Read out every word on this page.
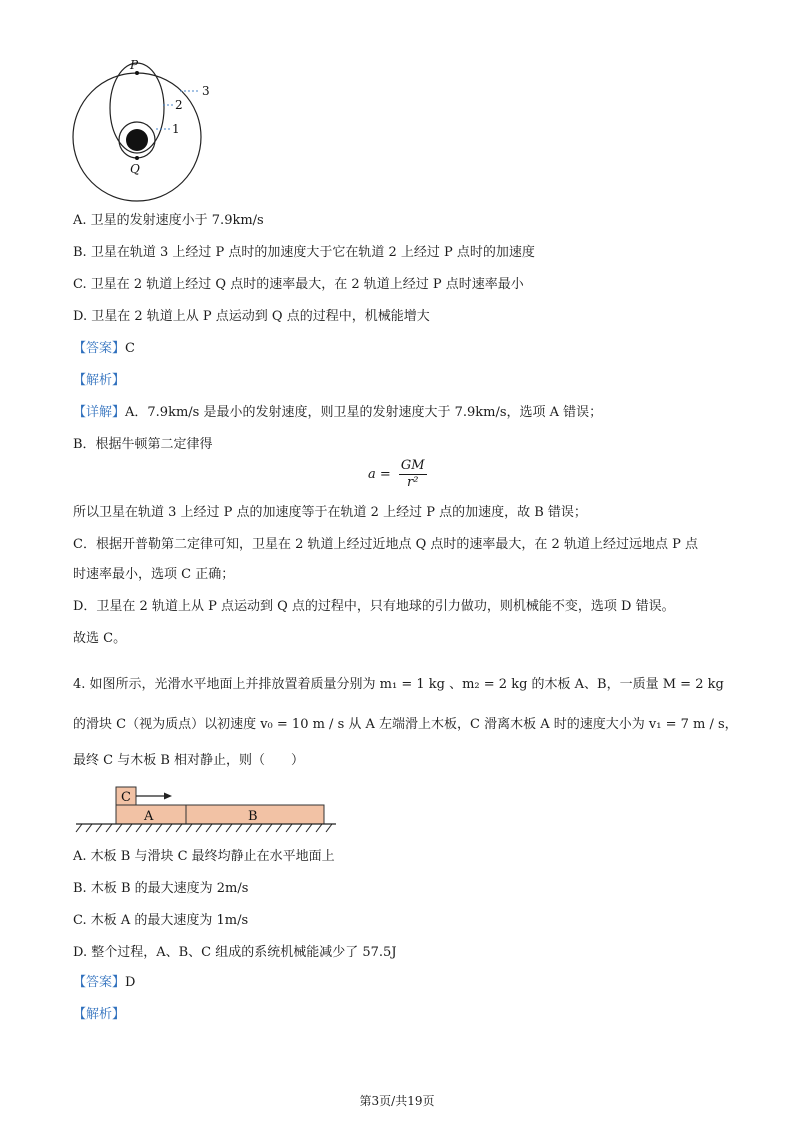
P
Q
3
2
1
A. 卫星的发射速度小于 7.9km/s
B. 卫星在轨道 3 上经过 P 点时的加速度大于它在轨道 2 上经过 P 点时的加速度
C. 卫星在 2 轨道上经过 Q 点时的速率最大，在 2 轨道上经过 P 点时速率最小
D. 卫星在 2 轨道上从 P 点运动到 Q 点的过程中，机械能增大
【答案】C
【解析】
【详解】A．7.9km/s 是最小的发射速度，则卫星的发射速度大于 7.9km/s，选项 A 错误；
B．根据牛顿第二定律得
$a = \frac{GM}{\text{r²}}$
所以卫星在轨道 3 上经过 P 点的加速度等于在轨道 2 上经过 P 点的加速度，故 B 错误；
C．根据开普勒第二定律可知，卫星在 2 轨道上经过近地点 Q 点时的速率最大，在 2 轨道上经过远地点 P 点
时速率最小，选项 C 正确；
D．卫星在 2 轨道上从 P 点运动到 Q 点的过程中，只有地球的引力做功，则机械能不变，选项 D 错误。
故选 C。
4. 如图所示，光滑水平地面上并排放置着质量分别为 m₁ = 1 kg 、m₂ = 2 kg 的木板 A、B，一质量 M = 2 kg
的滑块 C（视为质点）以初速度 v₀ = 10 m / s 从 A 左端滑上木板，C 滑离木板 A 时的速度大小为 v₁ = 7 m / s，
最终 C 与木板 B 相对静止，则（　　）
C
A	B
A. 木板 B 与滑块 C 最终均静止在水平地面上
B. 木板 B 的最大速度为 2m/s
C. 木板 A 的最大速度为 1m/s
D. 整个过程，A、B、C 组成的系统机械能减少了 57.5J
【答案】D
【解析】
第3页/共19页
